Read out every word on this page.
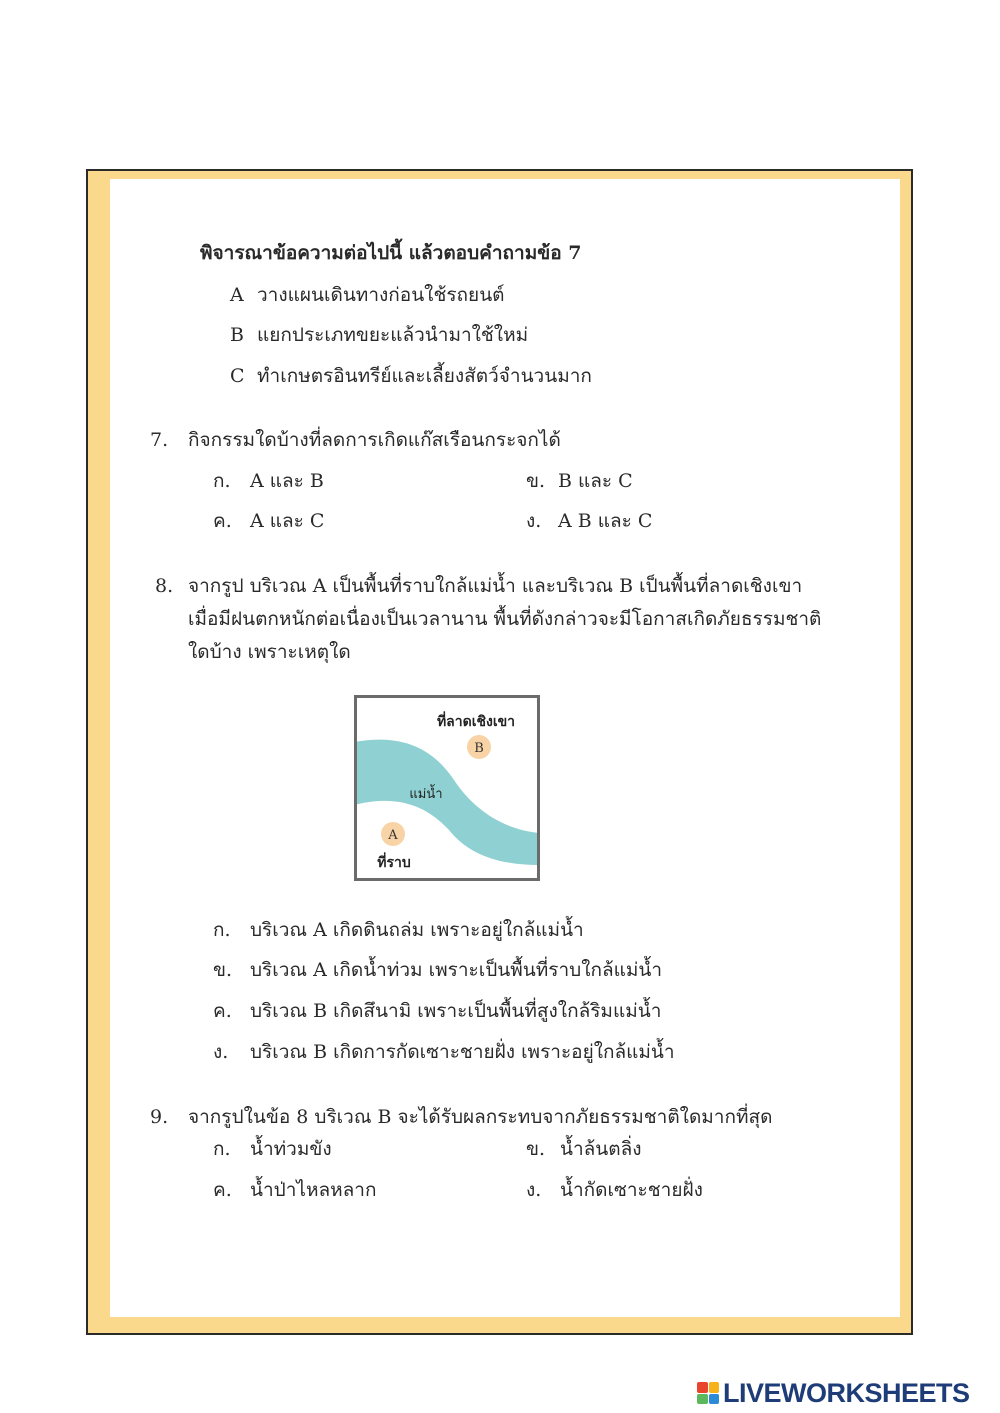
พิจารณาข้อความต่อไปนี้ แล้วตอบคำถามข้อ 7
A วางแผนเดินทางก่อนใช้รถยนต์
B แยกประเภทขยะแล้วนำมาใช้ใหม่
C ทำเกษตรอินทรีย์และเลี้ยงสัตว์จำนวนมาก
7. กิจกรรมใดบ้างที่ลดการเกิดแก๊สเรือนกระจกได้
ก. A และ B	ข. B และ C
ค. A และ C	ง. A B และ C
8. จากรูป บริเวณ A เป็นพื้นที่ราบใกล้แม่น้ำ และบริเวณ B เป็นพื้นที่ลาดเชิงเขา
เมื่อมีฝนตกหนักต่อเนื่องเป็นเวลานาน พื้นที่ดังกล่าวจะมีโอกาสเกิดภัยธรรมชาติ
ใดบ้าง เพราะเหตุใด
ที่ลาดเชิงเขา
B
แม่น้ำ
A
ที่ราบ
ก. บริเวณ A เกิดดินถล่ม เพราะอยู่ใกล้แม่น้ำ
ข. บริเวณ A เกิดน้ำท่วม เพราะเป็นพื้นที่ราบใกล้แม่น้ำ
ค. บริเวณ B เกิดสึนามิ เพราะเป็นพื้นที่สูงใกล้ริมแม่น้ำ
ง. บริเวณ B เกิดการกัดเซาะชายฝั่ง เพราะอยู่ใกล้แม่น้ำ
9. จากรูปในข้อ 8 บริเวณ B จะได้รับผลกระทบจากภัยธรรมชาติใดมากที่สุด
ก. น้ำท่วมขัง	ข. น้ำล้นตลิ่ง
ค. น้ำป่าไหลหลาก	ง. น้ำกัดเซาะชายฝั่ง
LIVEWORKSHEETS
